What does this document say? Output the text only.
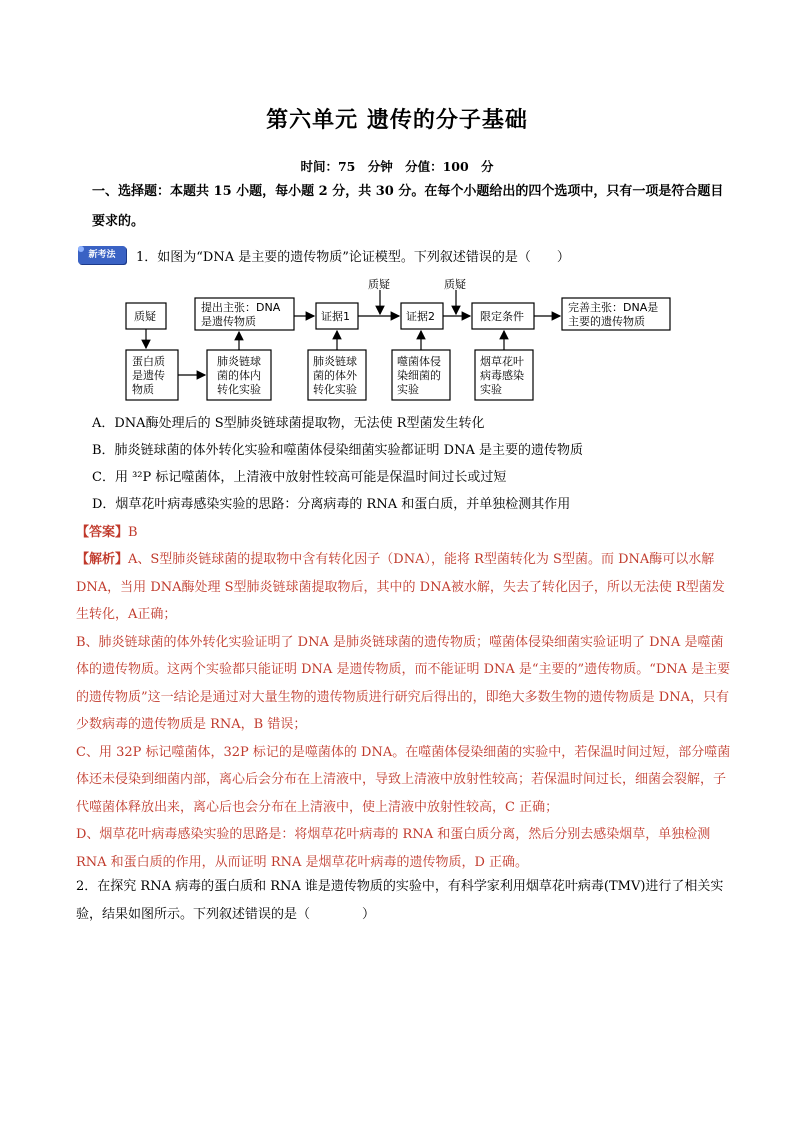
第六单元 遗传的分子基础
时间：75 分钟 分值：100 分
一、选择题：本题共 15 小题，每小题 2 分，共 30 分。在每个小题给出的四个选项中，只有一项是符合题目要求的。
新考法	1．如图为“DNA 是主要的遗传物质”论证模型。下列叙述错误的是（　　）
质疑
质疑	质疑
提出主张：DNA
是遗传物质	证据1	证据2	限定条件
完善主张：DNA是
主要的遗传物质
蛋白质
是遗传
物质
肺炎链球
菌的体内
转化实验
肺炎链球
菌的体外
转化实验
噬菌体侵
染细菌的
实验
烟草花叶
病毒感染
实验
A．DNA酶处理后的 S型肺炎链球菌提取物，无法使 R型菌发生转化
B．肺炎链球菌的体外转化实验和噬菌体侵染细菌实验都证明 DNA 是主要的遗传物质
C．用 ³²P 标记噬菌体，上清液中放射性较高可能是保温时间过长或过短
D．烟草花叶病毒感染实验的思路：分离病毒的 RNA 和蛋白质，并单独检测其作用
【答案】B
【解析】A、S型肺炎链球菌的提取物中含有转化因子（DNA），能将 R型菌转化为 S型菌。而 DNA酶可以水解 DNA，当用 DNA酶处理 S型肺炎链球菌提取物后，其中的 DNA被水解，失去了转化因子，所以无法使 R型菌发生转化，A正确；
B、肺炎链球菌的体外转化实验证明了 DNA 是肺炎链球菌的遗传物质；噬菌体侵染细菌实验证明了 DNA 是噬菌体的遗传物质。这两个实验都只能证明 DNA 是遗传物质，而不能证明 DNA 是“主要的”遗传物质。“DNA 是主要的遗传物质”这一结论是通过对大量生物的遗传物质进行研究后得出的，即绝大多数生物的遗传物质是 DNA，只有少数病毒的遗传物质是 RNA，B 错误；
C、用 32P 标记噬菌体，32P 标记的是噬菌体的 DNA。在噬菌体侵染细菌的实验中，若保温时间过短，部分噬菌体还未侵染到细菌内部，离心后会分布在上清液中，导致上清液中放射性较高；若保温时间过长，细菌会裂解，子代噬菌体释放出来，离心后也会分布在上清液中，使上清液中放射性较高，C 正确；
D、烟草花叶病毒感染实验的思路是：将烟草花叶病毒的 RNA 和蛋白质分离，然后分别去感染烟草，单独检测 RNA 和蛋白质的作用，从而证明 RNA 是烟草花叶病毒的遗传物质，D 正确。
2．在探究 RNA 病毒的蛋白质和 RNA 谁是遗传物质的实验中，有科学家利用烟草花叶病毒(TMV)进行了相关实验，结果如图所示。下列叙述错误的是（　　　　）
